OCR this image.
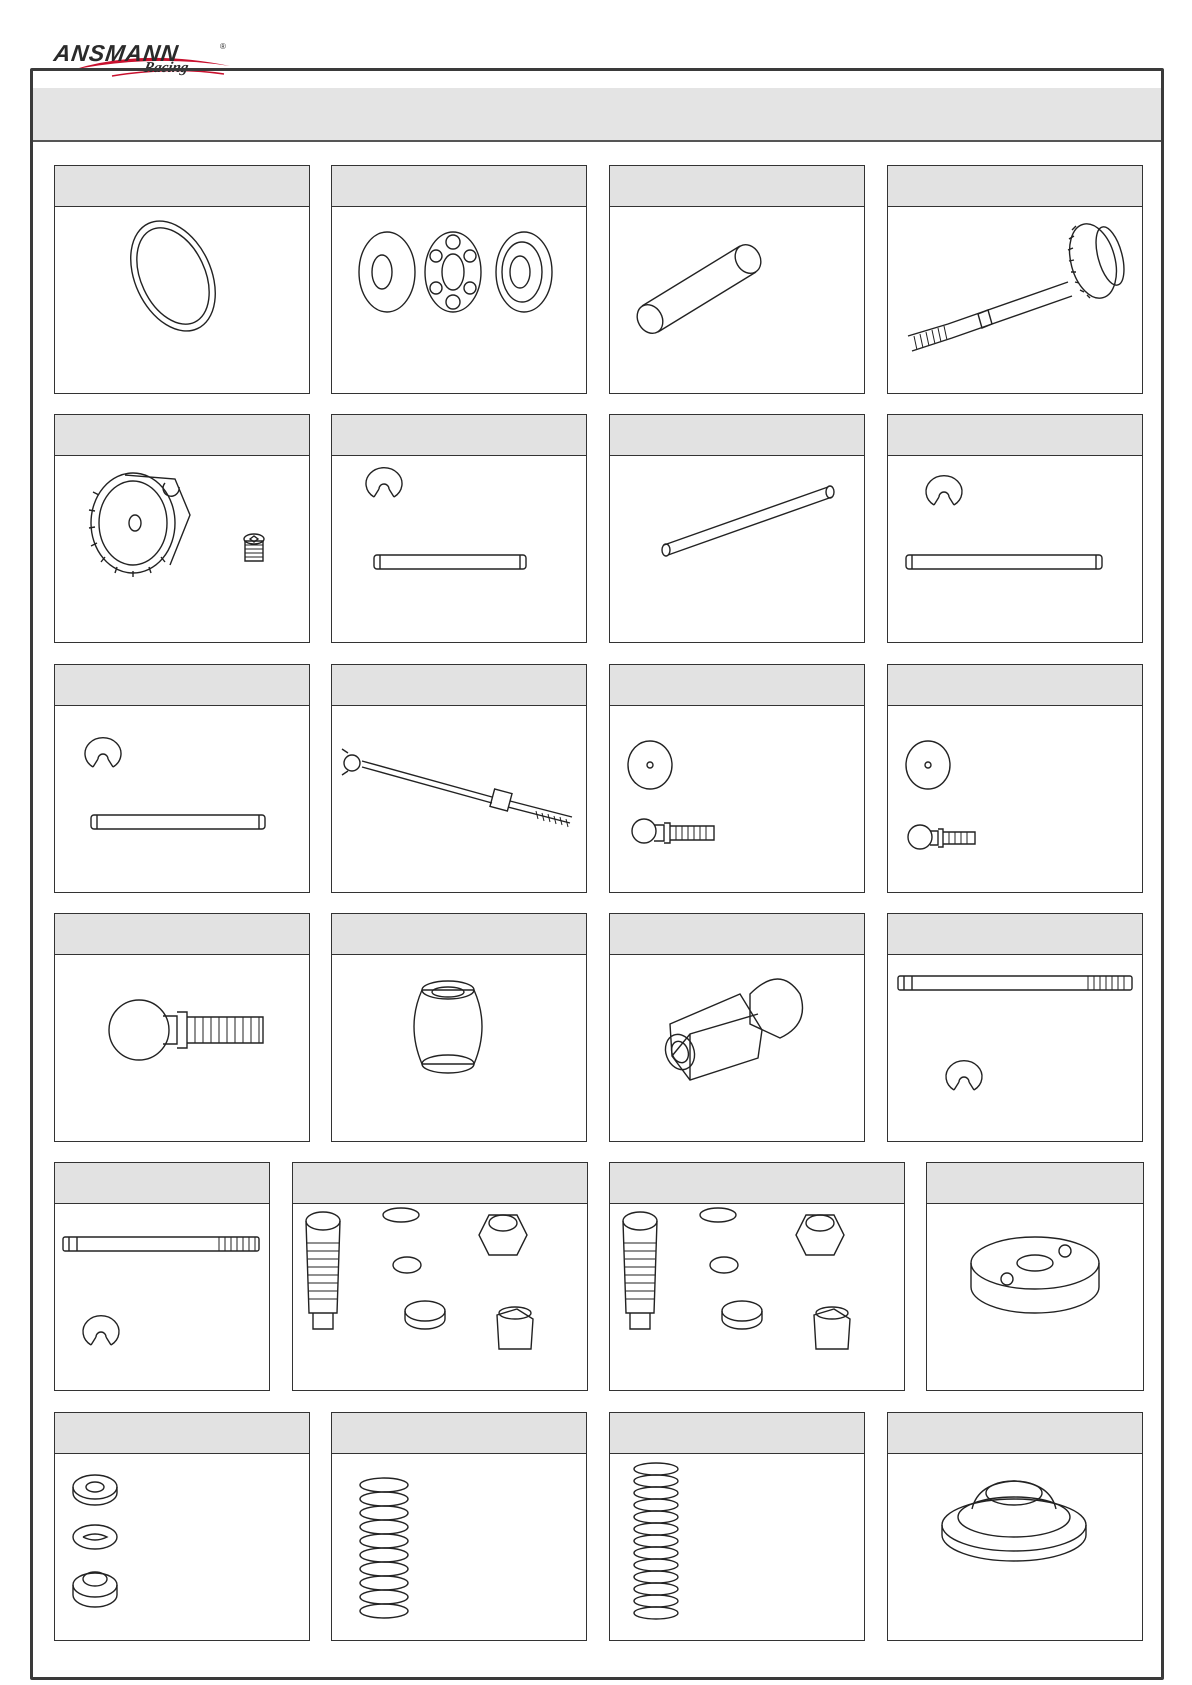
ANSMANN	®
Racing
